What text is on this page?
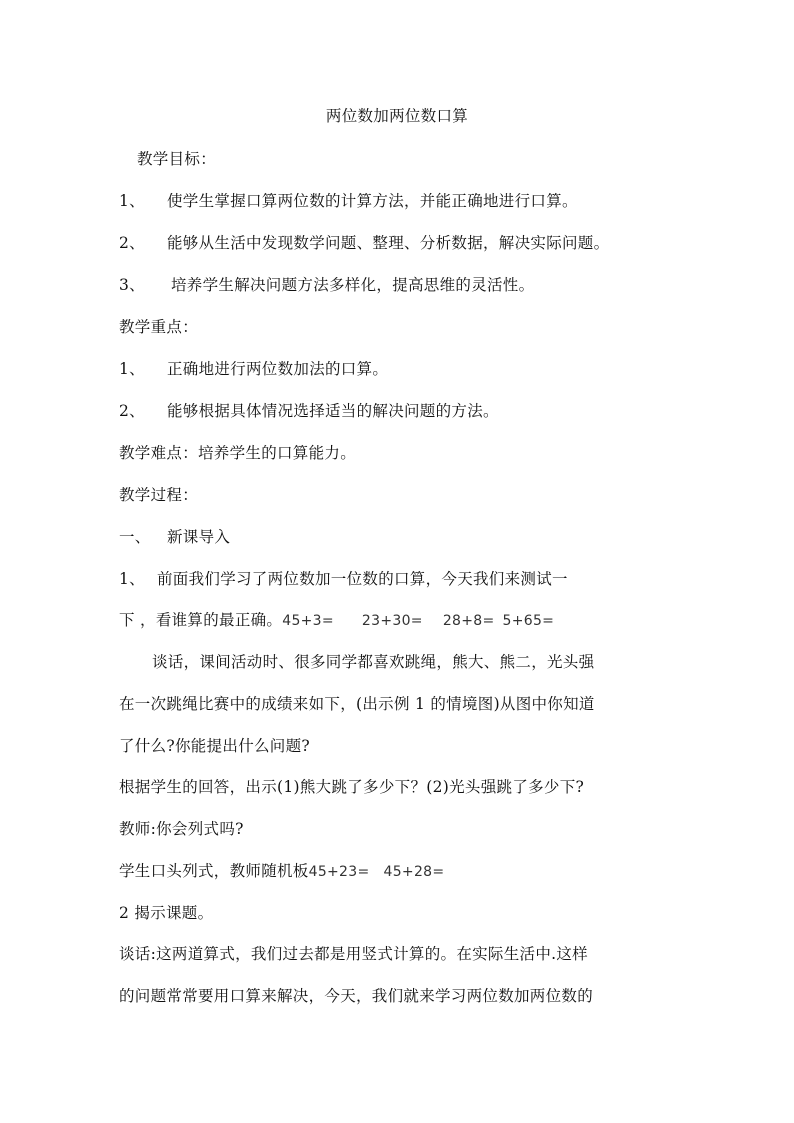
两位数加两位数口算
教学目标：
1、 使学生掌握口算两位数的计算方法，并能正确地进行口算。
2、 能够从生活中发现数学问题、整理、分析数据，解决实际问题。
3、 培养学生解决问题方法多样化，提高思维的灵活性。
教学重点：
1、 正确地进行两位数加法的口算。
2、 能够根据具体情况选择适当的解决问题的方法。
教学难点：培养学生的口算能力。
教学过程：
一、 新课导入
1、 前面我们学习了两位数加一位数的口算，今天我们来测试一
下 ，看谁算的最正确。45+3= 23+30= 28+8= 5+65=
谈话，课间活动时、很多同学都喜欢跳绳，熊大、熊二，光头强
在一次跳绳比赛中的成绩来如下，(出示例 1 的情境图)从图中你知道
了什么?你能提出什么问题?
根据学生的回答，出示(1)熊大跳了多少下？(2)光头强跳了多少下?
教师:你会列式吗?
学生口头列式，教师随机板45+23= 45+28=
2 揭示课题。
谈话:这两道算式，我们过去都是用竖式计算的。在实际生活中.这样
的问题常常要用口算来解决，今天，我们就来学习两位数加两位数的
